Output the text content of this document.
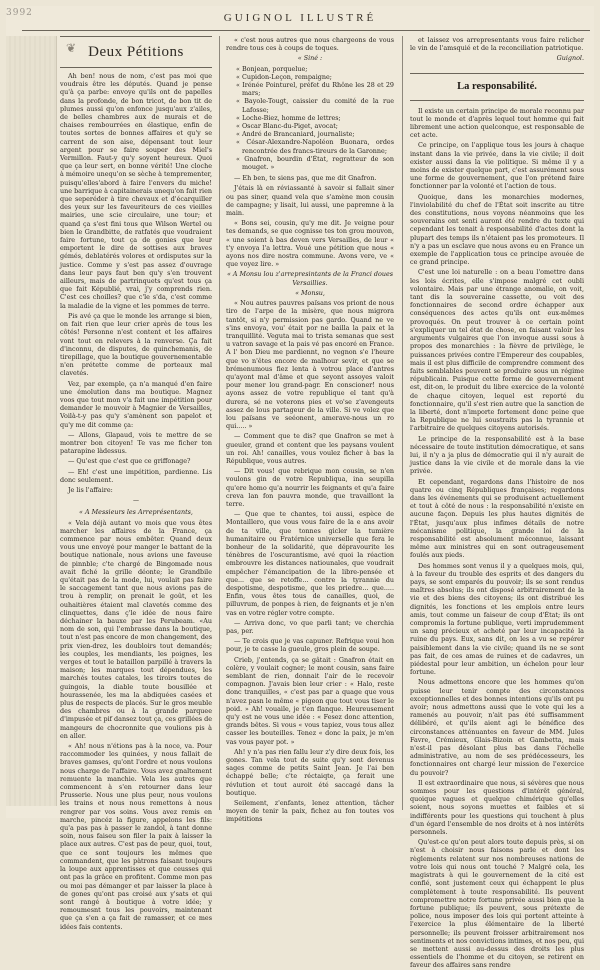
3992	GUIGNOL ILLUSTRÉ
❦ Deux Pétitions

Ah ben! nous de nom, c'est pas moi que voudrais être les députés. Quand je pense qu'à ça parbe: envoye qu'ils ont de papelles dans la profonde, de bon tricot, de bon tit de plumes aussi qu'on enfonce jusqu'aux z'ailes, de belles chambres aux de murais et de chaises rembourrées en élastique, enfin de toutes sortes de bonnes affaires et qu'y se carrent de son aise, dépensant tout leur argent pour se faire souper des Miel's Vermillon. Faut-y qu'y soyent heureux. Quoi que ça leur sert, en bonne vérité! Une cloche à mémoire unequ'on se sèche à temprementer, puisqu'elles'abord à faire l'envers du miche! une barrique à capitainerais unequ'on fait rien que seperéder à tire chevaux et d'écarquiller des yeux sur les faveuriteurs de ces vieilles mairies, une scie circulaire, une tour; et quand ça s'est fini tous que Wilson Wertel ou bien le Grandbitte, de ratfatés que voudraient faire fortune, tout ça de gonies que leur emportent le dire de sottises aux braves gémés, deblatérés volores et ordisputes sur la justice. Comme y s'est pas assez d'ouvrage dans leur pays faut ben qu'y s'en trouvent ailleurs, mais de partrinquets qu'est tous ça que fait Képublié, vrai, j'y comprends rien. C'est ces choilles? que c'le s'da, c'est comme la maladie de la vigne et les pommes de terre.

Pis avé ça que le monde les arrange si bien, on fait rien que leur crier après de tous les côtés! Personne n'est content et les affaires vont tout en relevers à la renverse. Ça fait d'inconnu, de disputes, de quinchemanis, de tirepillage, que la boutique gouvernementable n'en prétette comme de porteaux mal clavetés.

Vez, par exemple, ça n'a manqué d'en faire une émolution dans ma boutique. Magnez voos que tout mon v'a fait une impétition pour demander le mouvoir à Magnier de Versailles, Voilà-t-y pas qu'y s'amènent son papelot et qu'y me dit comme ça:

— Allons, Glapaud, vois te mettre de se montrer bon citoyen! Te vas me ficher ton patarapine làdessus.

— Qu'est que c'est que ce griffonage?

— Eh! c'est une impétition, pardienne. Lis donc seulement.

Je lis l'affaire:

—

« A Messieurs les Arreprésentants,

« Vela déjà autant vo mois que vous êtes marcher les affaires de la France, ça commence par nous embêter. Quand deux vous une envoyé pour manger le battant de la boutique nationale, nous avions une faveuse de pinnble; c'te chargé de Bingomade nous avait fiché la grille déonte; le Grandbile qu'était pas de la mode, lui, voulait pas faire le saccagement tant que nous avions pas de trou à remplir, on prenait le goût, et les ouhaitières étaient mal clavetés comme des clinquettes, dans ç'le idée de nous faire déchainer la bauxe par les Perubeam. «Au nom de son, qui l'embrasse dans la boutique, tout n'est pas encore de mon changement, des prix vien-drez, les doubloirs tout demandés; les couples, les mendiants, les poignes, les verges et tout le bataillon parpillé à travers la maison; les marques tout dépendues, les marchés toutes catales, les tiroirs toutes de guingois, la diable toute bousillée et hourassenée, les ma la abdiquées casées et plus de respects de placés. Sur le gros meuble des chambres ou à la grande parquee d'impusée et pif dansez tout ça, ces grillées de mangeurs de chocronnite que voulions pis à en aller.

« Ah! nous n'étions pas à la noce, va. Pour raccommoder les quinées, y nous fallait de braves gamses, qu'ont l'ordre et nous voulons nous charge de l'affaire. Vous avez gnaltement remuente la manchie. Vela les autres que commencent à s'en retourner dans leur Prusserie. Nous une plus peur, nous voulons les trains et nous nous remettons à nous rengrer par vos soins. Vous avez remis en marche, pincéz la figure, appelons les fils: qu'a pas pas à passer le zandol, à tant donne soin, nous faiseu son filer la paix à laisser la place aux autres. C'est pas de peur, quoi, tout, que ce sont toujours les mêmes que commandent, que les pàtrons faisant toujours la loupe aux apprentisses et que ceusses qui ont pas la grâce en profitent. Comme mon pas ou moi pas démanger et par laisser la place à de gones qu'ont pas croisé aux y'sats et qui sont rangé à boutique à votre idée; y remoumesnt tous les pouvoirs, maintenant que ça s'en a ça fait de ramasser, et ce mes idées fais contents.

« c'est nous autres que nous chargeons de vous rendre tous ces à coups de toques.

« Siné :

« Bonjean, porquelue;
« Cupidon-Leçon, rempaigne;
« Irénée Pointurel, préfet du Rhône les 28 et 29 mars;
« Bayole-Tougt, caissier du comité de la rue Lafosse;
« Loche-Biez, homme de lettres;
« Oscar Blanc-du-Piget, avocat;
« André de Brancaniard, journaliste;
« César-Alexandre-Napoléon Buonara, ordes rencontrée des francs-tireurs de la Garonne;
« Gnafron, bourdin d'État, regratteur de son mouget. »

— Eh ben, te siens pas, que me dit Gnafron.

J'étais là en réviassanté à savoir si fallait siner ou pas siner, quand vela que s'amène mon cousin de campagne; y lisait, lui aussi, une papremne à la main.

« Bons sei, cousin, qu'y me dit. Je veigne pour tes demands, se que cognisse tes ton grou mouvon, « une soient à bas deven vers Versailles, de leur « t'y envoya l'a lettra. Voué une pétition que nous « ayons nos dire nostra commune. Avons vere, ve « que voyez lire. »

« A Monsu lou z'arrepresintants de la Franci doues Versaillies.

« Monsu,

« Nou autres pauvres païsans vos priont de nous tiro de l'arpe de la misère, que nous migrora tantôt, si n'y permission pas gardo. Quand ne ve s'ins envoya, vou' était por ne bailla la paix et la tranquillité. Veguta mai to trista semanas que sest u vatron savage et la pais vé pas encoré en France. A l' bon Dieu me pardiennt, no vegnon s'e l'heure que vo n'êtes encore de malhour sevir, et que se brémenumous fiez lenta à votrou place d'antres qu'ayont mal d'âme et que seyont assoyes valoit pour mener lou grand-pagr. En conscioner! nous ayons assez de votre republique el tant qu'à durera, sé ne voterons pies et vo'se z'avengeuts assez de lous partageur de la ville. Si ve volez que lou païsans ve seéonent, amerave-nous un ro qui..... »

— Comment que te dis? que Gnafron se met à gueuler, grand et content que les paysans voulent un roi. Ah! canailles, vous voulez ficher à bas la République, vous autres.

— Dit vous! que rebrique mon cousin, se n'en voulons gin de votre Republiqua, ina seupilla qu'ere homo qu'a nourrir les feignants et qu'a faire creva lan fon pauvra monde, que travaillont la terre.

— Que que te chantes, toi aussi, espèce de Montaillero, que vous vous faire de la e ans avoir de ta ville, que tonnes gicler la tumière humanitaire ou Fratérnice universelle que fera le bonheur de la solidarité, que dépravourite les ténèbres de l'oscurantisme, avé quoi la réaction embrouvre les distances natiounales, que voudrait empêcher l'émancipation de la libre-pensée et que... que se retoffe... contre la tyrannie du despotisme, despotisme, que les priedre... que..... Enfin, vous êtes tous de canailles, quoi, de pilluvrum, de ponpes à rien, de feignants et je n'en vas en votre régler votre compte.

— Arriva donc, vo que parli tant; ve cherchia pas, per.

— Te crois que je vas capuner. Refrique voui hon pour, je te casse la gueule, gros plein de soupe.

Crieb, j'entends, ça se gâtait : Gnafron était en colère, y voulait cogner; le mont cousin, sans faire semblant de rien, donnait l'air de le recevoir compagnon. J'avais bien leur crier : « Halo, reste donc tranquilles, « c'est pas par a quage que vous n'avez pasn le même « pigeon que tout vous tiser le poid. » Ah! vouaile, je t'en flanque. Heureusement qu'y est ne vous une idée : « Fesez donc attention, grands bêtes. Si vous « vous tapiez, vous tous allez casser les bouteilles. Tenez « donc la paix, je m'en vas vous payer pot. »

Ah! y n'a pas rien fallu leur z'y dire deux fois, les gones. Tan vela tout de suite qu'y sont devenus sages comme de petits Saint Jean. Je l'ai ben échappé belle; c'te réctaiqte, ça ferait une révlution et tout auroit été saccagé dans la boutique.

Seilement, z'enfants, lenez attention, tâcher moyen de tenir la paix, fichez au fon toutes vos impétitions

et laissez vos arrepresentants vous faire relicher le vin de l'amsquié et de la reconciliation patriotique.

Guignol.

La responsabilité.

Il existe un certain principe de morale reconnu par tout le monde et d'après lequel tout homme qui fait librement une action quelconque, est responsable de cet acte.

Ce principe, on l'applique tous les jours à chaque instant dans la vie privée, dans la vie civile; il doit exister aussi dans la vie politique. Si même il y a moins de exister quelque part, c'est assurément sous une forme de gouvernement, que l'on prétend faire fonctionner par la volonté et l'action de tous.

Quoique, dans les monarchies modernes, l'inviolabilité du chef de l'État soit inscrite au titre des constitutions, nous voyons néanmoins que les souverains ont senti auront été rendre du texte qui cependant les tenait à responsabilité d'actes dont la plupart des temps ils n'étaient pas les promoteurs. Il n'y a pas un esclave que nous avons eu en France un exemple de l'application tous ce principe avouée de ce grand principe.

C'est une loi naturelle : on a beau l'omettre dans les lois écrites, elle s'impose malgré cet oubli volontaire. Mais par une étrange anomalie, on voit, tant dis la souveraine cassette, ou voit des fonctionnaires de second ordre échapper aux conséquences des actes qu'ils ont eux-mêmes provoqués. On peut trouver à ce certain point s'expliquer un tel état de chose, en faisant valoir les arguments vulgaires que l'on invoque aussi sous à propos des monarchies : la fièvre de privilège, le puissances privées contre l'Empereur des coupables, mais il est plus difficile de comprendre comment des faits semblables peuvent se produire sous un régime républicain. Puisque cette forme de gouvernement est, dit-on, le produit du libre exercice de la volonté de chaque citoyen, lequel est reporté du fonctionnaire, qu'il s'est rien autre que la sanction de la liberté, dont n'importe fortement donc peine que la Republique ne lui soustraits pas la tyrannie et l'arbitraire de quelques citoyens autorisés.

Le principe de la responsabilité est à la base nécessaire de toute institution démocratique, et sans lui, il n'y a ja plus de démocratie qui il n'y aurait de justice dans la vie civile et de morale dans la vie privée.

Et cependant, regardons dans l'histoire de nos quatre ou cinq Républiques françaises; regardons dans les événements qui se produisent actuellement et tout à côté de nous : la responsabilité n'existe en aucune façon. Depuis les plus hautes dignités de l'État, jusqu'aux plus infimes détails de notre mécanisme politique, la grande loi de la responsabilité est absolument méconnue, laissant même aux ministres qui en sont outrageusement foulés aux pieds.

Des hommes sont venus il y a quelques mois, qui, à la faveur du trouble des esprits et des dangers du pays, se sont emparés du pouvoir; ils se sont rendus maîtres absolus; ils ont disposé arbitrairement de la vie et des biens des citoyens; ils ont distribué les dignités, les fonctions et les emplois entre leurs amis, tout comme un faiseur de coup d'État; ils ont compromis la fortune publique, verti imprudemment un sang précieux et acheté par leur incapacité la ruine du pays. Eux, sans dit, on les a vu se repérer paisiblement dans la vie civile; quand ils ne se sont pas fait, de ces amas de ruines et de cadavres, un piédestal pour leur ambition, un échelon pour leur fortune.

Nous admettons encore que les hommes qu'on puisse leur tenir compte des circonstances exceptionnelles et des bonnes intentions qu'ils ont pu avoir; nous admettons aussi que le vote qui les a ramenés au pouvoir, n'ait pas été suffisamment délibéré, et qu'ils aient agi le bénéfice des circonstances atténuantes en faveur de MM. Jules Favre, Crémieux, Glais-Bizoin et Gambetta, mais n'est-il pas désolant plus bas dans l'échelle administrative, au nom de ses prédécesseurs, les fonctionnaires ont chargé leur mission de l'exercice du pouvoir?

Il est extraordinaire que nous, si sévères que nous sommes pour les questions d'intérêt général, quoique vagues et quelque chimérique qu'elles soient, nous soyons muettes et faibles et si indifférents pour les questions qui touchent à plus d'un égard l'ensemble de nos droits et à nos intérêts personnels.

Qu'est-ce qu'on peut alors toute depuis près, si on n'est à choisir nous faisons parle et dont les règlements relatent sur nos nombreuses nations de votre lois qui nous ont touché ? Malgré cela, les magistrats à qui le gouvernement de la cité est confié, sont justement ceux qui échappent le plus complètement à toute responsabilité. Ils peuvent compromettre notre fortune privée aussi bien que la fortune publique; ils peuvent, sous prétexte de police, nous imposer des lois qui portent atteinte à l'exercice la plus élémentaire de la liberté personnelle; ils peuvent froisser arbitrairement nos sentiments et nos convictions intimes, et nos peu, qui se mettent aussi au-dessus des droits les plus essentiels de l'homme et du citoyen, se retirent en faveur des affaires sans rendre
